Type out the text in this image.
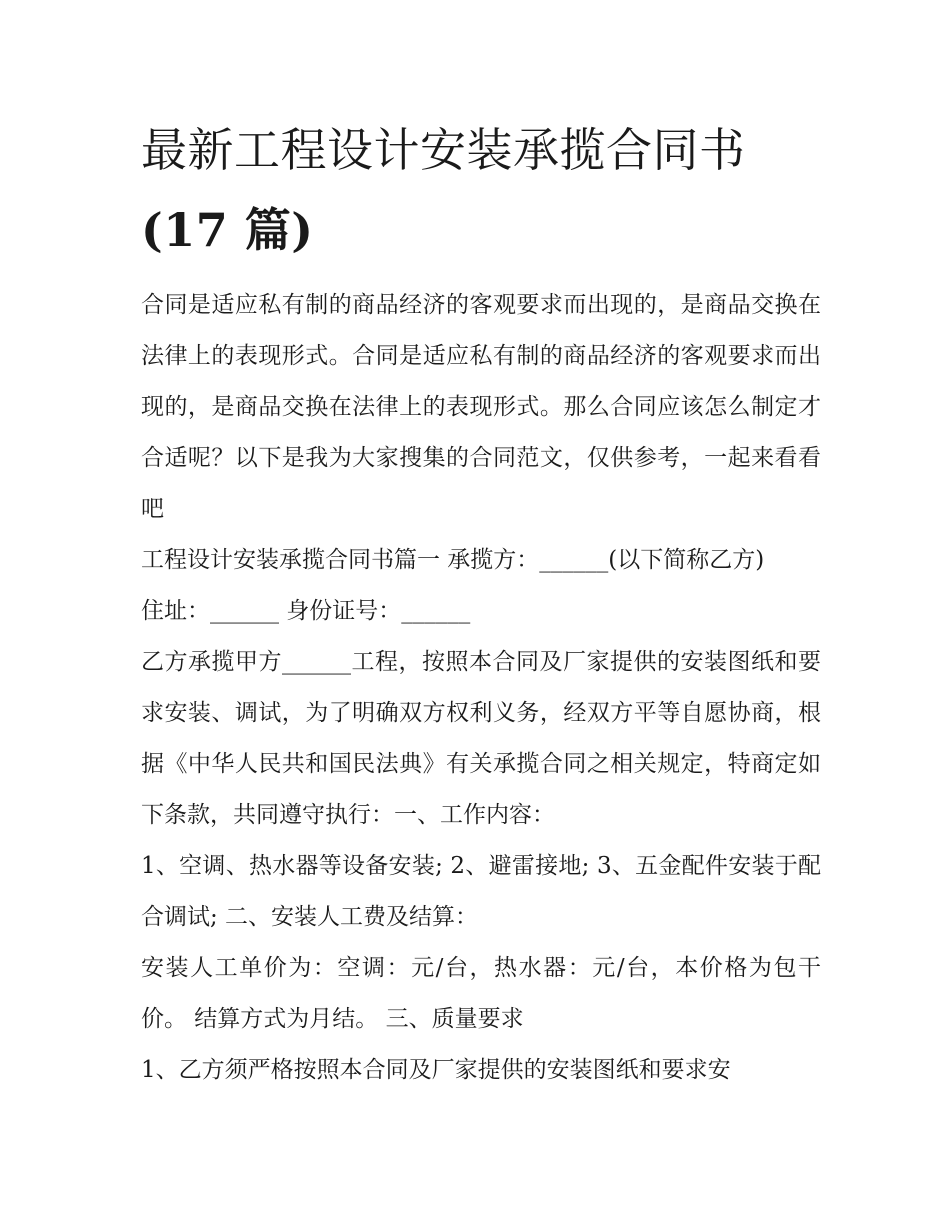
最新工程设计安装承揽合同书
(17 篇)

合同是适应私有制的商品经济的客观要求而出现的，是商品交换在法律上的表现形式。合同是适应私有制的商品经济的客观要求而出现的，是商品交换在法律上的表现形式。那么合同应该怎么制定才合适呢？以下是我为大家搜集的合同范文，仅供参考，一起来看看吧

工程设计安装承揽合同书篇一 承揽方：______(以下简称乙方)

住址：______ 身份证号：______

乙方承揽甲方______工程，按照本合同及厂家提供的安装图纸和要求安装、调试，为了明确双方权利义务，经双方平等自愿协商，根据《中华人民共和国民法典》有关承揽合同之相关规定，特商定如下条款，共同遵守执行：一、工作内容：

1、空调、热水器等设备安装; 2、避雷接地; 3、五金配件安装于配合调试; 二、安装人工费及结算：

安装人工单价为：空调：元/台，热水器：元/台，本价格为包干价。 结算方式为月结。 三、质量要求

1、乙方须严格按照本合同及厂家提供的安装图纸和要求安
